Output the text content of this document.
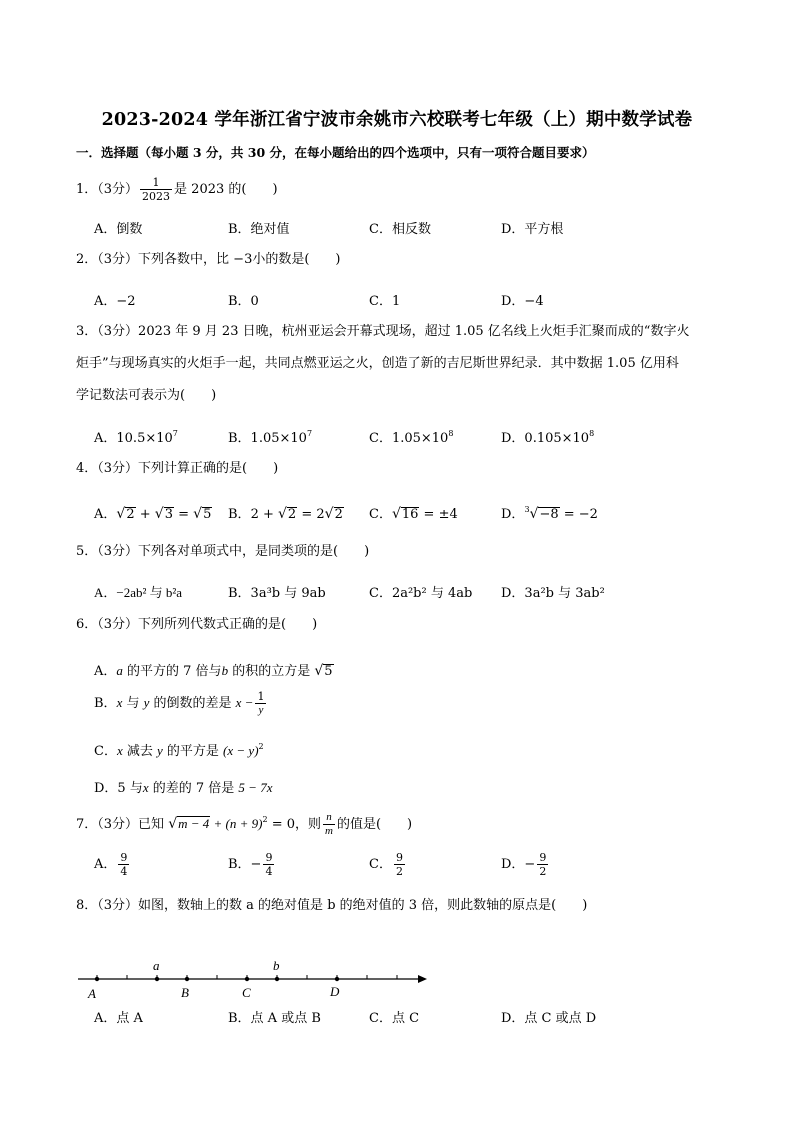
2023-2024 学年浙江省宁波市余姚市六校联考七年级（上）期中数学试卷
一．选择题（每小题 3 分，共 30 分，在每小题给出的四个选项中，只有一项符合题目要求）
1．（3分） $\frac{1}{2023}$ 是 2023 的(　　)
A．倒数	B．绝对值	C．相反数	D．平方根
2．（3分）下列各数中，比 −3小的数是(　　)
A．−2	B．0	C．1	D．−4
3．（3分）2023 年 9 月 23 日晚，杭州亚运会开幕式现场，超过 1.05 亿名线上火炬手汇聚而成的“数字火
炬手”与现场真实的火炬手一起，共同点燃亚运之火，创造了新的吉尼斯世界纪录．其中数据 1.05 亿用科
学记数法可表示为(　　)
A．$10.5\times 10^7$	B．$1.05\times 10^7$	C．$1.05\times 10^8$	D．$0.105\times 10^8$
4．（3分）下列计算正确的是(　　)
A．√2 + √3 = √5 B．2 + √2 = 2√2 C．√16 = ±4	D．$^3$√−8 = −2
5．（3分）下列各对单项式中，是同类项的是(　　)
A．−2ab² 与 b²a	B．3a³b 与 9ab	C．2a²b² 与 4ab D．3a²b 与 3ab²
6．（3分）下列所列代数式正确的是(　　)
A．a 的平方的 7 倍与b 的积的立方是 √5
B．x 与 y 的倒数的差是 $x - \frac{1}{y}$
C．x 减去 y 的平方是 $(x - y)^2$
D．5 与x 的差的 7 倍是 5 − 7x
7．（3分）已知 $√m - 4 + (n + 9)^2 = 0$，则 $\frac{n}{m}$ 的值是(　　)
A． $\frac{9}{4}$	B．− $\frac{9}{4}$	C． $\frac{9}{2}$	D．− $\frac{9}{2}$
8．（3分）如图，数轴上的数 a 的绝对值是 b 的绝对值的 3 倍，则此数轴的原点是(　　)
A
a
B	C
b
D
A．点 A	B．点 A 或点 B	C．点 C	D．点 C 或点 D
